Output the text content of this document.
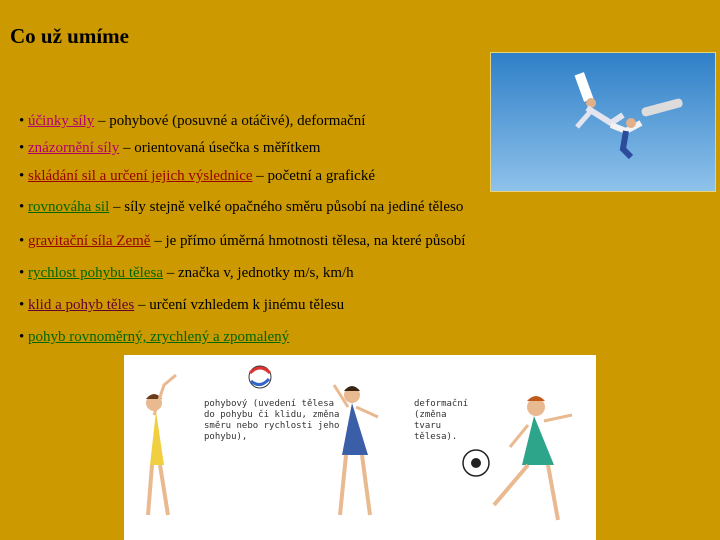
Co už umíme
• účinky síly – pohybové (posuvné a otáčivé), deformační
• znázornění síly – orientovaná úsečka s měřítkem
• skládání sil a určení jejich výslednice – početní a grafické
• rovnováha sil – síly stejně velké opačného směru působí na jediné těleso
• gravitační síla Země – je přímo úměrná hmotnosti tělesa, na které působí
• rychlost pohybu tělesa – značka v, jednotky m/s, km/h
• klid a pohyb těles – určení vzhledem k jinému tělesu
• pohyb rovnoměrný, zrychlený a zpomalený
pohybový (uvedení tělesa do pohybu či klidu, změna směru nebo rychlosti jeho pohybu),
deformační (změna tvaru tělesa).
